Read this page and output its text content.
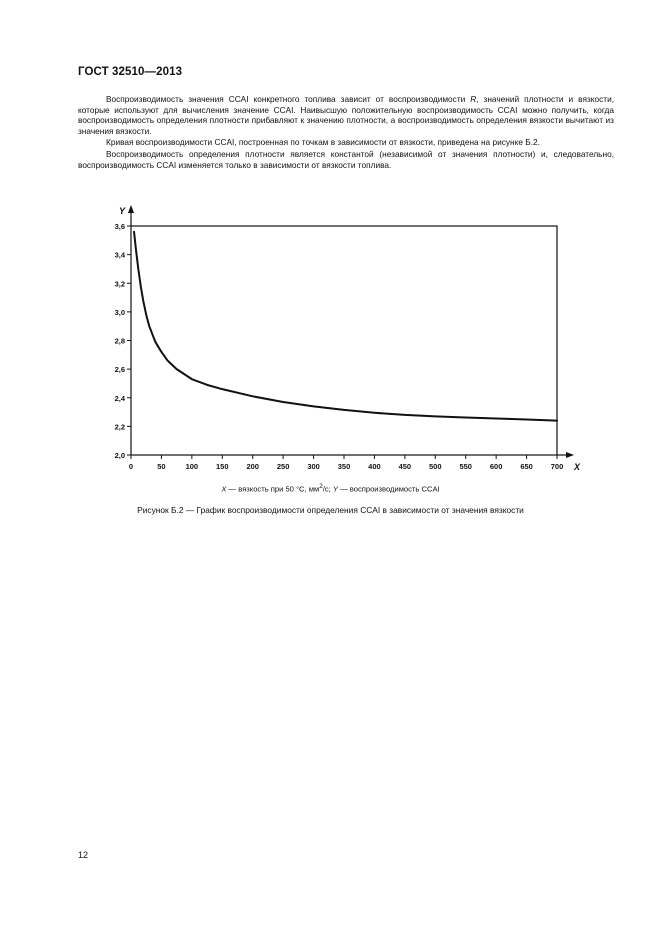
ГОСТ 32510—2013

Воспроизводимость значения CCAI конкретного топлива зависит от воспроизводимости R, значений плотности и вязкости, которые используют для вычисления значение CCAI. Наивысшую положительную воспроизводимость CCAI можно получить, когда воспроизводимость определения плотности прибавляют к значению плотности, а воспроизводимость определения вязкости вычитают из значения вязкости.

Кривая воспроизводимости CCAI, построенная по точкам в зависимости от вязкости, приведена на рисунке Б.2.

Воспроизводимость определения плотности является константой (независимой от значения плотности) и, следовательно, воспроизводимость CCAI изменяется только в зависимости от вязкости топлива.

Y
X
2,0
2,2
2,4
2,6
2,8
3,0
3,2
3,4
3,6
0	50	100 150 200 250 300 350 400 450 500 550 600 650 700
X — вязкость при 50 °С, $мм^2/с$; Y — воспроизводимость CCAI
Рисунок Б.2 — График воспроизводимости определения CCAI в зависимости от значения вязкости
12
